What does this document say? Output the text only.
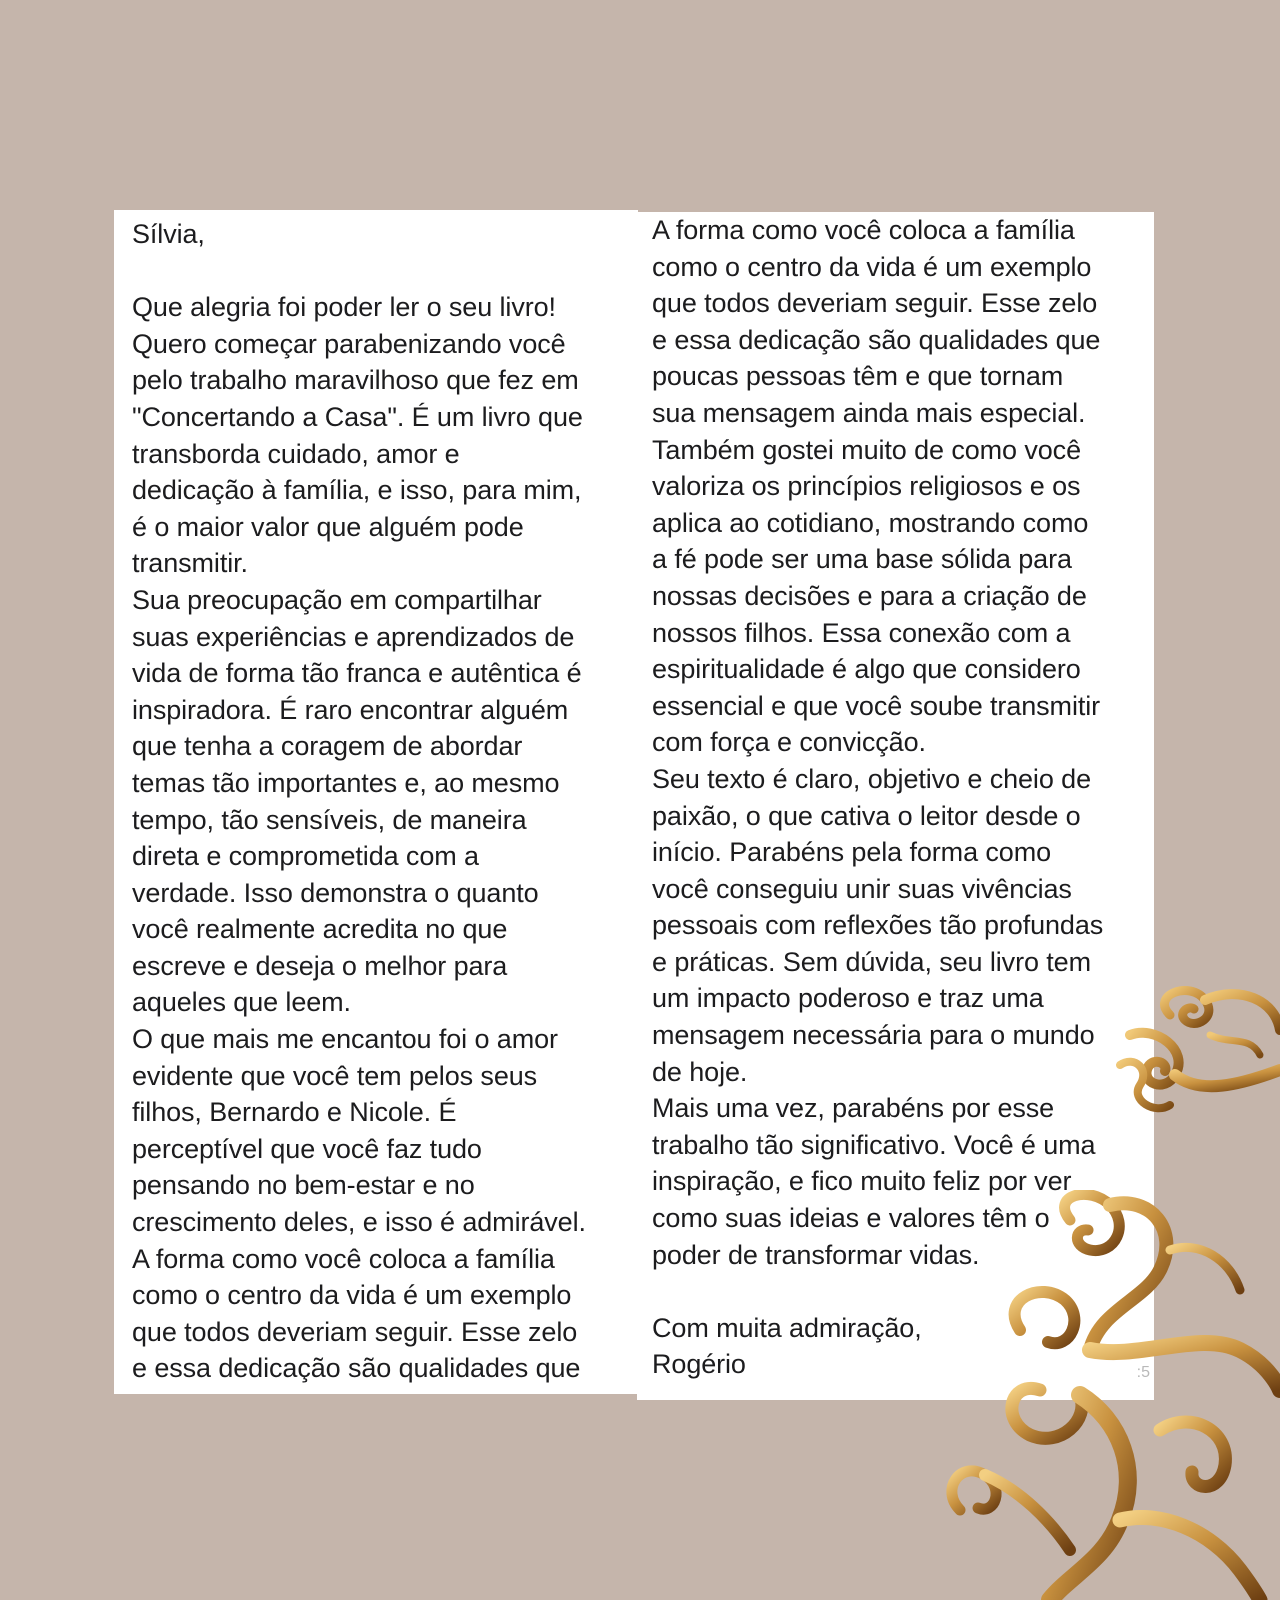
Sílvia,
Que alegria foi poder ler o seu livro!
Quero começar parabenizando você
pelo trabalho maravilhoso que fez em
"Concertando a Casa". É um livro que
transborda cuidado, amor e
dedicação à família, e isso, para mim,
é o maior valor que alguém pode
transmitir.
Sua preocupação em compartilhar
suas experiências e aprendizados de
vida de forma tão franca e autêntica é
inspiradora. É raro encontrar alguém
que tenha a coragem de abordar
temas tão importantes e, ao mesmo
tempo, tão sensíveis, de maneira
direta e comprometida com a
verdade. Isso demonstra o quanto
você realmente acredita no que
escreve e deseja o melhor para
aqueles que leem.
O que mais me encantou foi o amor
evidente que você tem pelos seus
filhos, Bernardo e Nicole. É
perceptível que você faz tudo
pensando no bem-estar e no
crescimento deles, e isso é admirável.
A forma como você coloca a família
como o centro da vida é um exemplo
que todos deveriam seguir. Esse zelo
e essa dedicação são qualidades que
A forma como você coloca a família
como o centro da vida é um exemplo
que todos deveriam seguir. Esse zelo
e essa dedicação são qualidades que
poucas pessoas têm e que tornam
sua mensagem ainda mais especial.
Também gostei muito de como você
valoriza os princípios religiosos e os
aplica ao cotidiano, mostrando como
a fé pode ser uma base sólida para
nossas decisões e para a criação de
nossos filhos. Essa conexão com a
espiritualidade é algo que considero
essencial e que você soube transmitir
com força e convicção.
Seu texto é claro, objetivo e cheio de
paixão, o que cativa o leitor desde o
início. Parabéns pela forma como
você conseguiu unir suas vivências
pessoais com reflexões tão profundas
e práticas. Sem dúvida, seu livro tem
um impacto poderoso e traz uma
mensagem necessária para o mundo
de hoje.
Mais uma vez, parabéns por esse
trabalho tão significativo. Você é uma
inspiração, e fico muito feliz por ver
como suas ideias e valores têm o
poder de transformar vidas.
Com muita admiração,
Rogério	:5
